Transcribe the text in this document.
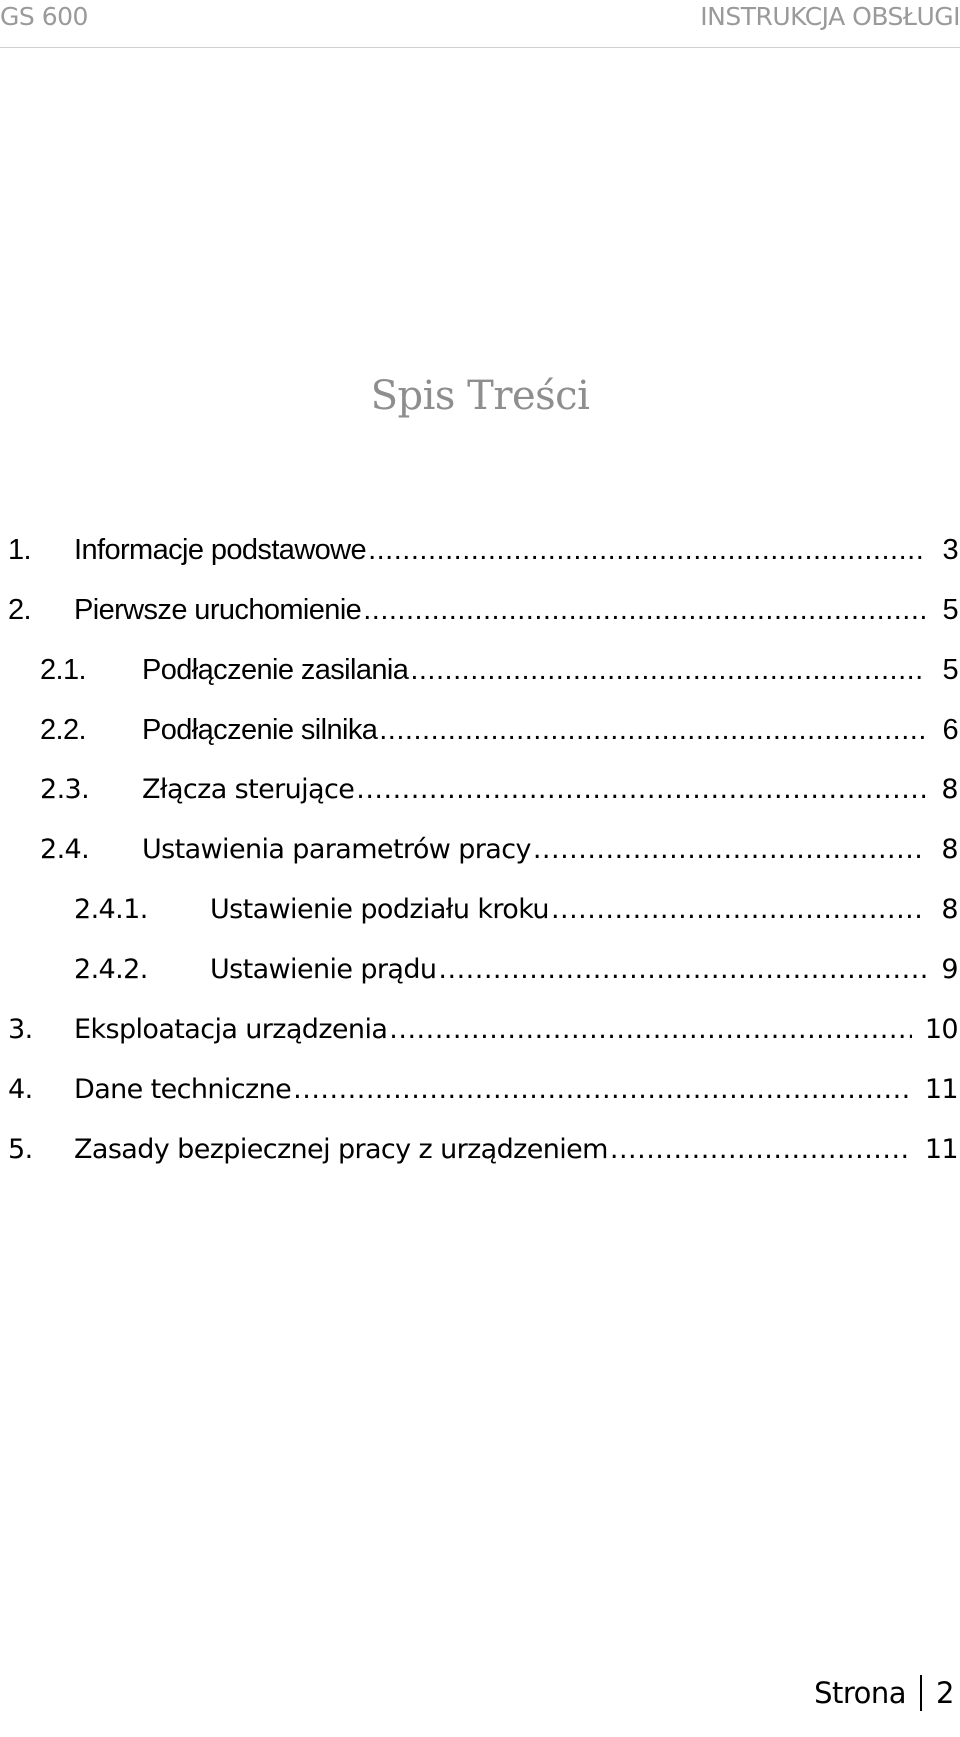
GS 600	INSTRUKCJA OBSŁUGI
Spis Treści
1. Informacje podstawowe .....	3
2. Pierwsze uruchomienie .....	5
2.1. Podłączenie zasilania .....	5
2.2. Podłączenie silnika .....	6
2.3. Złącza sterujące .....	8
2.4. Ustawienia parametrów pracy .....	8
2.4.1. Ustawienie podziału kroku .....	8
2.4.2. Ustawienie prądu .....	9
3. Eksploatacja urządzenia .....	10
4. Dane techniczne .....	11
5. Zasady bezpiecznej pracy z urządzeniem .....	11
Strona 2
